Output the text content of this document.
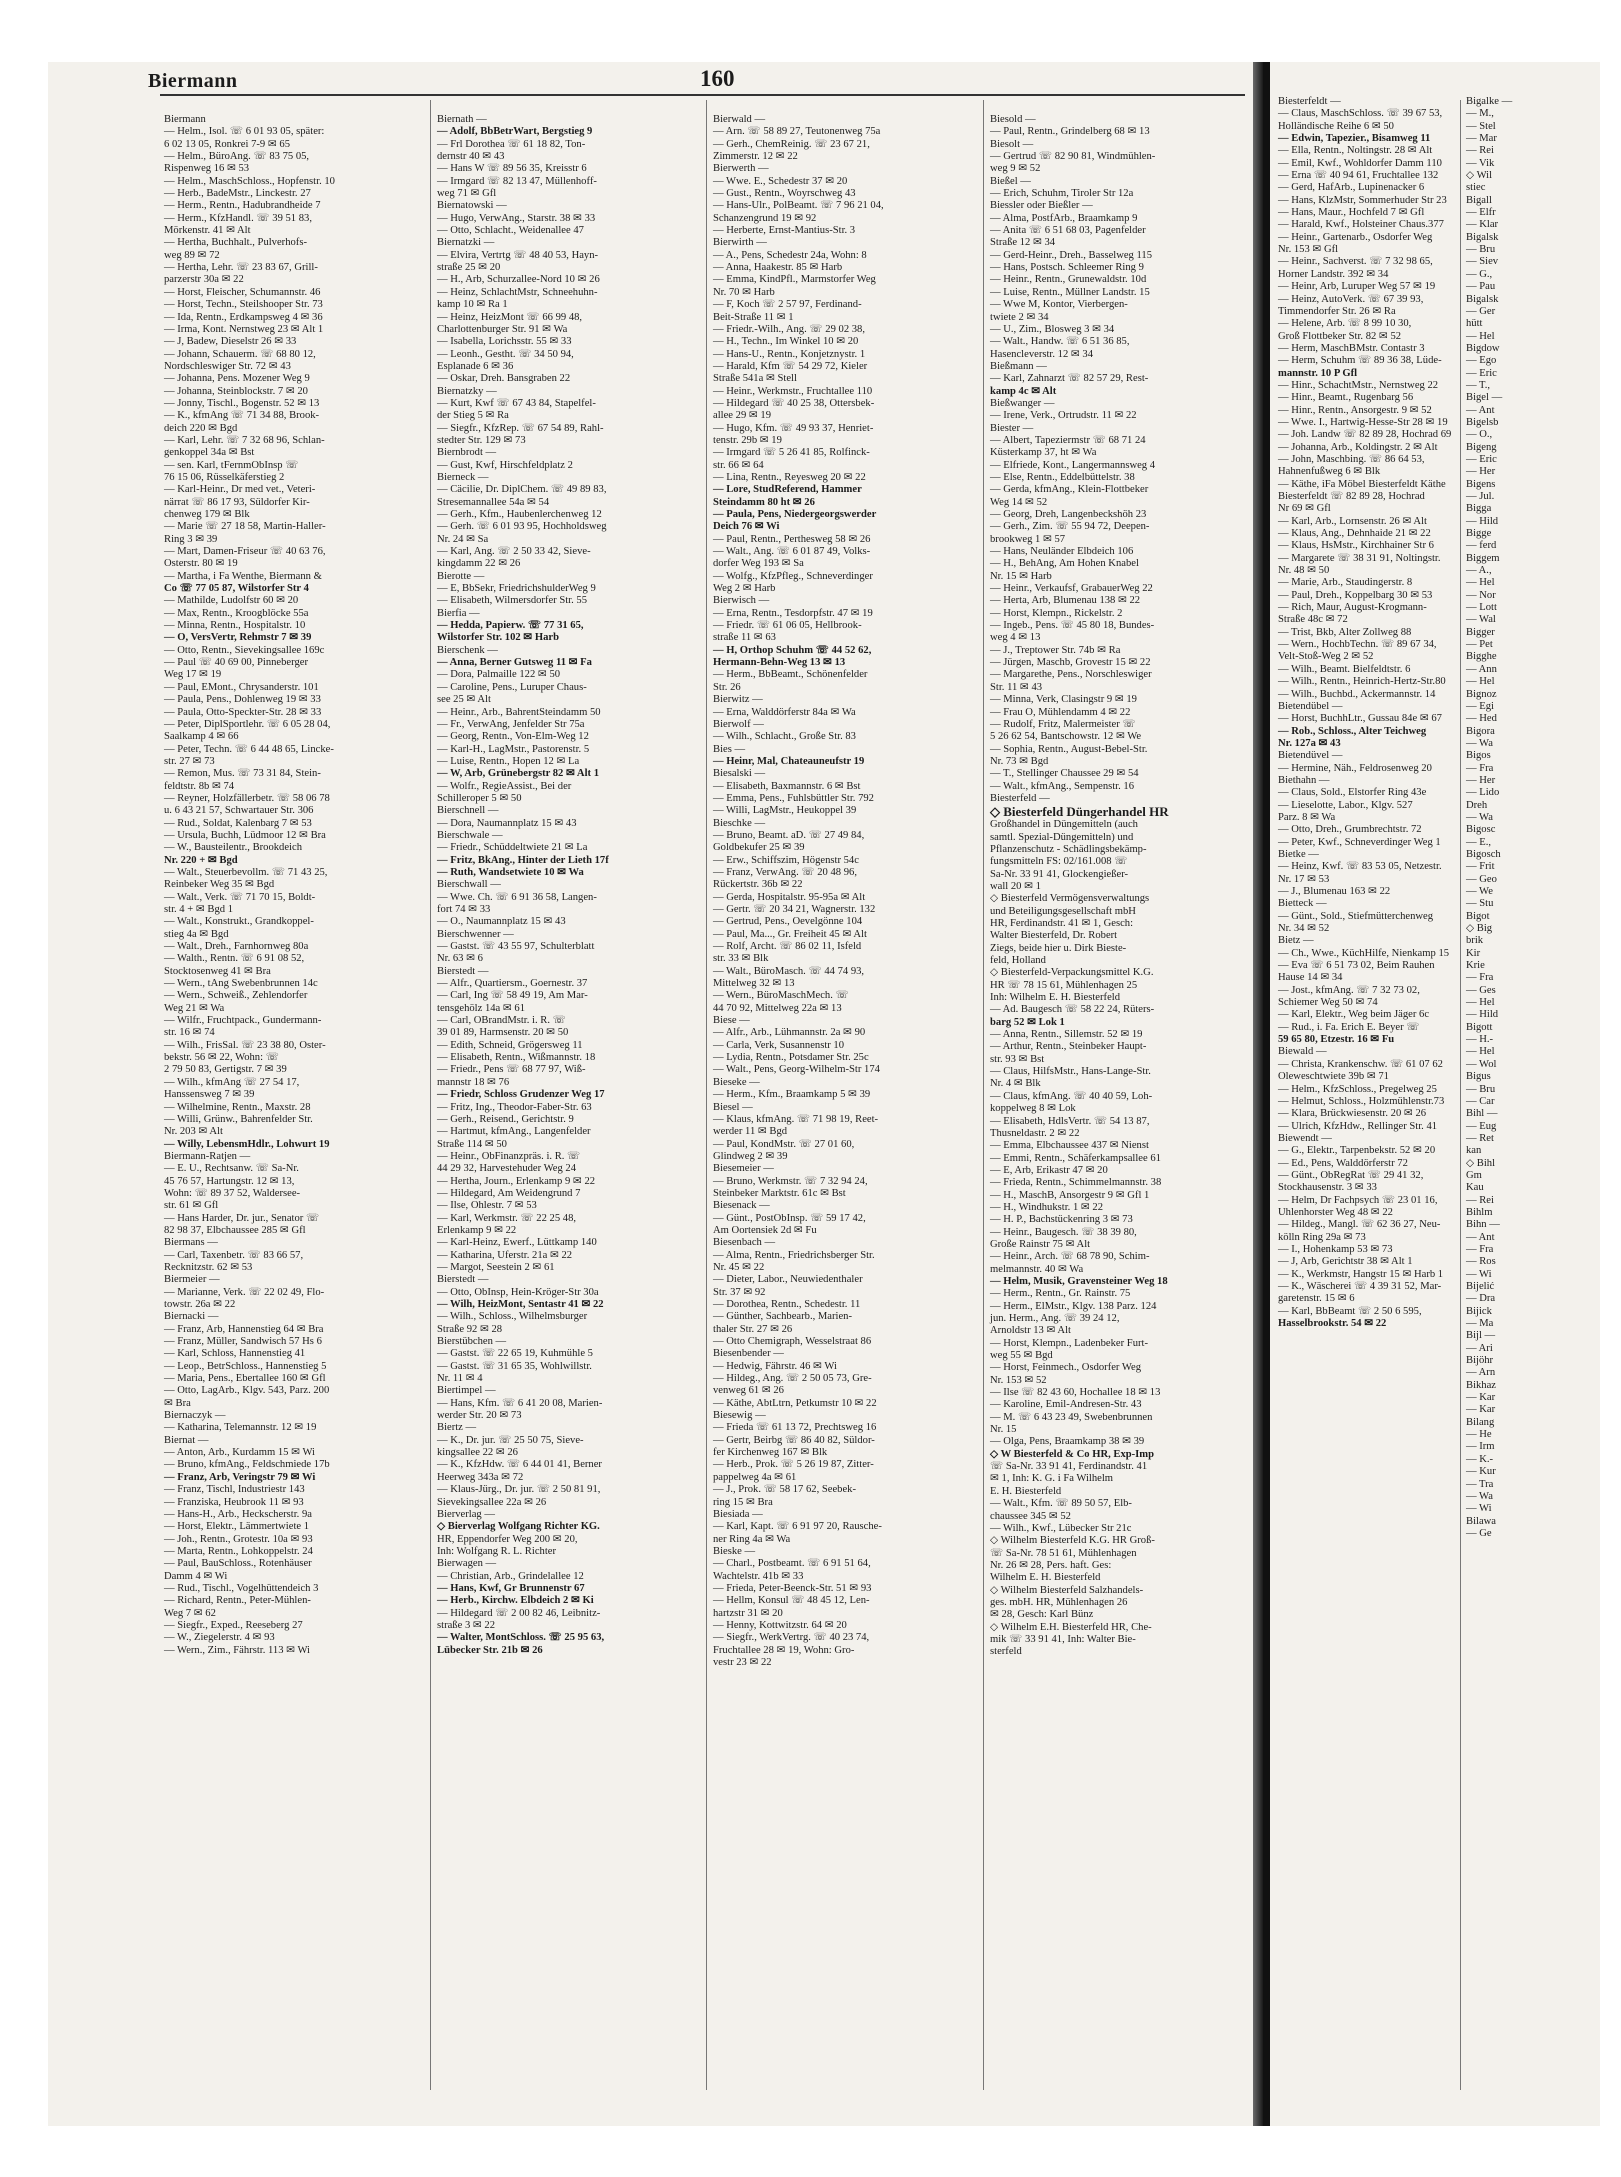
Biermann	160
Biermann
— Helm., Isol. ☏ 6 01 93 05, später:
6 02 13 05, Ronkrei 7-9 ✉ 65
— Helm., BüroAng. ☏ 83 75 05,
Rispenweg 16 ✉ 53
— Helm., MaschSchloss., Hopfenstr. 10
— Herb., BadeMstr., Linckestr. 27
— Herm., Rentn., Hadubrandheide 7
— Herm., KfzHandl. ☏ 39 51 83,
Mörkenstr. 41 ✉ Alt
— Hertha, Buchhalt., Pulverhofs-
weg 89 ✉ 72
— Hertha, Lehr. ☏ 23 83 67, Grill-
parzerstr 30a ✉ 22
— Horst, Fleischer, Schumannstr. 46
— Horst, Techn., Steilshooper Str. 73
— Ida, Rentn., Erdkampsweg 4 ✉ 36
— Irma, Kont. Nernstweg 23 ✉ Alt 1
— J, Badew, Dieselstr 26 ✉ 33
— Johann, Schauerm. ☏ 68 80 12,
Nordschleswiger Str. 72 ✉ 43
— Johanna, Pens. Mozener Weg 9
— Johanna, Steinblockstr. 7 ✉ 20
— Jonny, Tischl., Bogenstr. 52 ✉ 13
— K., kfmAng ☏ 71 34 88, Brook-
deich 220 ✉ Bgd
— Karl, Lehr. ☏ 7 32 68 96, Schlan-
genkoppel 34a ✉ Bst
— sen. Karl, tFernmObInsp ☏
76 15 06, Rüsselkäferstieg 2
— Karl-Heinr., Dr med vet., Veteri-
närrat ☏ 86 17 93, Süldorfer Kir-
chenweg 179 ✉ Blk
— Marie ☏ 27 18 58, Martin-Haller-
Ring 3 ✉ 39
— Mart, Damen-Friseur ☏ 40 63 76,
Osterstr. 80 ✉ 19
— Martha, i Fa Wenthe, Biermann &
Co ☏ 77 05 87, Wilstorfer Str 4
— Mathilde, Ludolfstr 60 ✉ 20
— Max, Rentn., Kroogblöcke 55a
— Minna, Rentn., Hospitalstr. 10
— O, VersVertr, Rehmstr 7 ✉ 39
— Otto, Rentn., Sievekingsallee 169c
— Paul ☏ 40 69 00, Pinneberger
Weg 17 ✉ 19
— Paul, EMont., Chrysanderstr. 101
— Paula, Pens., Dohlenweg 19 ✉ 33
— Paula, Otto-Speckter-Str. 28 ✉ 33
— Peter, DiplSportlehr. ☏ 6 05 28 04,
Saalkamp 4 ✉ 66
— Peter, Techn. ☏ 6 44 48 65, Lincke-
str. 27 ✉ 73
— Remon, Mus. ☏ 73 31 84, Stein-
feldtstr. 8b ✉ 74
— Reyner, Holzfällerbetr. ☏ 58 06 78
u. 6 43 21 57, Schwartauer Str. 306
— Rud., Soldat, Kalenbarg 7 ✉ 53
— Ursula, Buchh, Lüdmoor 12 ✉ Bra
— W., Bausteilentr., Brookdeich
Nr. 220 + ✉ Bgd
— Walt., Steuerbevollm. ☏ 71 43 25,
Reinbeker Weg 35 ✉ Bgd
— Walt., Verk. ☏ 71 70 15, Boldt-
str. 4 + ✉ Bgd 1
— Walt., Konstrukt., Grandkoppel-
stieg 4a ✉ Bgd
— Walt., Dreh., Farnhornweg 80a
— Walth., Rentn. ☏ 6 91 08 52,
Stocktosenweg 41 ✉ Bra
— Wern., tAng Swebenbrunnen 14c
— Wern., Schweiß., Zehlendorfer
Weg 21 ✉ Wa
— Wilfr., Fruchtpack., Gundermann-
str. 16 ✉ 74
— Wilh., FrisSal. ☏ 23 38 80, Oster-
bekstr. 56 ✉ 22, Wohn: ☏
2 79 50 83, Gertigstr. 7 ✉ 39
— Wilh., kfmAng ☏ 27 54 17,
Hanssensweg 7 ✉ 39
— Wilhelmine, Rentn., Maxstr. 28
— Willi, Grünw., Bahrenfelder Str.
Nr. 203 ✉ Alt
— Willy, LebensmHdlr., Lohwurt 19
Biermann-Ratjen —
— E. U., Rechtsanw. ☏ Sa-Nr.
45 76 57, Hartungstr. 12 ✉ 13,
Wohn: ☏ 89 37 52, Waldersee-
str. 61 ✉ Gfl
— Hans Harder, Dr. jur., Senator ☏
82 98 37, Elbchaussee 285 ✉ Gfl
Biermans —
— Carl, Taxenbetr. ☏ 83 66 57,
Recknitzstr. 62 ✉ 53
Biermeier —
— Marianne, Verk. ☏ 22 02 49, Flo-
towstr. 26a ✉ 22
Biernacki —
— Franz, Arb, Hannenstieg 64 ✉ Bra
— Franz, Müller, Sandwisch 57 Hs 6
— Karl, Schloss, Hannenstieg 41
— Leop., BetrSchloss., Hannenstieg 5
— Maria, Pens., Ebertallee 160 ✉ Gfl
— Otto, LagArb., Klgv. 543, Parz. 200
✉ Bra
Biernaczyk —
— Katharina, Telemannstr. 12 ✉ 19
Biernat —
— Anton, Arb., Kurdamm 15 ✉ Wi
— Bruno, kfmAng., Feldschmiede 17b
— Franz, Arb, Veringstr 79 ✉ Wi
— Franz, Tischl, Industriestr 143
— Franziska, Heubrook 11 ✉ 93
— Hans-H., Arb., Heckscherstr. 9a
— Horst, Elektr., Lämmertwiete 1
— Joh., Rentn., Grotestr. 10a ✉ 93
— Marta, Rentn., Lohkoppelstr. 24
— Paul, BauSchloss., Rotenhäuser
Damm 4 ✉ Wi
— Rud., Tischl., Vogelhüttendeich 3
— Richard, Rentn., Peter-Mühlen-
Weg 7 ✉ 62
— Siegfr., Exped., Reeseberg 27
— W., Ziegelerstr. 4 ✉ 93
— Wern., Zim., Fährstr. 113 ✉ Wi
Biernath —
— Adolf, BbBetrWart, Bergstieg 9
— Frl Dorothea ☏ 61 18 82, Ton-
dernstr 40 ✉ 43
— Hans W ☏ 89 56 35, Kreisstr 6
— Irmgard ☏ 82 13 47, Müllenhoff-
weg 71 ✉ Gfl
Biernatowski —
— Hugo, VerwAng., Starstr. 38 ✉ 33
— Otto, Schlacht., Weidenallee 47
Biernatzki —
— Elvira, Vertrtg ☏ 48 40 53, Hayn-
straße 25 ✉ 20
— H., Arb, Schurzallee-Nord 10 ✉ 26
— Heinz, SchlachtMstr, Schneehuhn-
kamp 10 ✉ Ra 1
— Heinz, HeizMont ☏ 66 99 48,
Charlottenburger Str. 91 ✉ Wa
— Isabella, Lorichsstr. 55 ✉ 33
— Leonh., Gestht. ☏ 34 50 94,
Esplanade 6 ✉ 36
— Oskar, Dreh. Bansgraben 22
Biernatzky —
— Kurt, Kwf ☏ 67 43 84, Stapelfel-
der Stieg 5 ✉ Ra
— Siegfr., KfzRep. ☏ 67 54 89, Rahl-
stedter Str. 129 ✉ 73
Biernbrodt —
— Gust, Kwf, Hirschfeldplatz 2
Bierneck —
— Cäcilie, Dr. DiplChem. ☏ 49 89 83,
Stresemannallee 54a ✉ 54
— Gerh., Kfm., Haubenlerchenweg 12
— Gerh. ☏ 6 01 93 95, Hochholdsweg
Nr. 24 ✉ Sa
— Karl, Ang. ☏ 2 50 33 42, Sieve-
kingdamm 22 ✉ 26
Bierotte —
— E, BbSekr, FriedrichshulderWeg 9
— Elisabeth, Wilmersdorfer Str. 55
Bierfia —
— Hedda, Papierw. ☏ 77 31 65,
Wilstorfer Str. 102 ✉ Harb
Bierschenk —
— Anna, Berner Gutsweg 11 ✉ Fa
— Dora, Palmaille 122 ✉ 50
— Caroline, Pens., Luruper Chaus-
see 25 ✉ Alt
— Heinr., Arb., BahrentSteindamm 50
— Fr., VerwAng, Jenfelder Str 75a
— Georg, Rentn., Von-Elm-Weg 12
— Karl-H., LagMstr., Pastorenstr. 5
— Luise, Rentn., Hopen 12 ✉ La
— W, Arb, Grünebergstr 82 ✉ Alt 1
— Wolfr., RegieAssist., Bei der
Schilleroper 5 ✉ 50
Bierschnell —
— Dora, Naumannplatz 15 ✉ 43
Bierschwale —
— Friedr., Schüddeltwiete 21 ✉ La
— Fritz, BkAng., Hinter der Lieth 17f
— Ruth, Wandsetwiete 10 ✉ Wa
Bierschwall —
— Wwe. Ch. ☏ 6 91 36 58, Langen-
fort 74 ✉ 33
— O., Naumannplatz 15 ✉ 43
Bierschwenner —
— Gastst. ☏ 43 55 97, Schulterblatt
Nr. 63 ✉ 6
Bierstedt —
— Alfr., Quartiersm., Goernestr. 37
— Carl, Ing ☏ 58 49 19, Am Mar-
tensgehölz 14a ✉ 61
— Carl, OBrandMstr. i. R. ☏
39 01 89, Harmsenstr. 20 ✉ 50
— Edith, Schneid, Grögersweg 11
— Elisabeth, Rentn., Wißmannstr. 18
— Friedr., Pens ☏ 68 77 97, Wiß-
mannstr 18 ✉ 76
— Friedr, Schloss Grudenzer Weg 17
— Fritz, Ing., Theodor-Faber-Str. 63
— Gerh., Reisend., Gerichtstr. 9
— Hartmut, kfmAng., Langenfelder
Straße 114 ✉ 50
— Heinr., ObFinanzpräs. i. R. ☏
44 29 32, Harvestehuder Weg 24
— Hertha, Journ., Erlenkamp 9 ✉ 22
— Hildegard, Am Weidengrund 7
— Ilse, Ohlestr. 7 ✉ 53
— Karl, Werkmstr. ☏ 22 25 48,
Erlenkamp 9 ✉ 22
— Karl-Heinz, Ewerf., Lüttkamp 140
— Katharina, Uferstr. 21a ✉ 22
— Margot, Seestein 2 ✉ 61
Bierstedt —
— Otto, ObInsp, Hein-Kröger-Str 30a
— Wilh, HeizMont, Sentastr 41 ✉ 22
— Wilh., Schloss., Wilhelmsburger
Straße 92 ✉ 28
Bierstübchen —
— Gastst. ☏ 22 65 19, Kuhmühle 5
— Gastst. ☏ 31 65 35, Wohlwillstr.
Nr. 11 ✉ 4
Biertimpel —
— Hans, Kfm. ☏ 6 41 20 08, Marien-
werder Str. 20 ✉ 73
Biertz —
— K., Dr. jur. ☏ 25 50 75, Sieve-
kingsallee 22 ✉ 26
— K., KfzHdw. ☏ 6 44 01 41, Berner
Heerweg 343a ✉ 72
— Klaus-Jürg., Dr. jur. ☏ 2 50 81 91,
Sievekingsallee 22a ✉ 26
Bierverlag —
◇ Bierverlag Wolfgang Richter KG.
HR, Eppendorfer Weg 200 ✉ 20,
Inh: Wolfgang R. L. Richter
Bierwagen —
— Christian, Arb., Grindelallee 12
— Hans, Kwf, Gr Brunnenstr 67
— Herb., Kirchw. Elbdeich 2 ✉ Ki
— Hildegard ☏ 2 00 82 46, Leibnitz-
straße 3 ✉ 22
— Walter, MontSchloss. ☏ 25 95 63,
Lübecker Str. 21b ✉ 26
Bierwald —
— Arn. ☏ 58 89 27, Teutonenweg 75a
— Gerh., ChemReinig. ☏ 23 67 21,
Zimmerstr. 12 ✉ 22
Bierwerth —
— Wwe. E., Schedestr 37 ✉ 20
— Gust., Rentn., Woyrschweg 43
— Hans-Ulr., PolBeamt. ☏ 7 96 21 04,
Schanzengrund 19 ✉ 92
— Herberte, Ernst-Mantius-Str. 3
Bierwirth —
— A., Pens, Schedestr 24a, Wohn: 8
— Anna, Haakestr. 85 ✉ Harb
— Emma, KindPfl., Marmstorfer Weg
Nr. 70 ✉ Harb
— F, Koch ☏ 2 57 97, Ferdinand-
Beit-Straße 11 ✉ 1
— Friedr.-Wilh., Ang. ☏ 29 02 38,
— H., Techn., Im Winkel 10 ✉ 20
— Hans-U., Rentn., Konjetznystr. 1
— Harald, Kfm ☏ 54 29 72, Kieler
Straße 541a ✉ Stell
— Heinr., Werkmstr., Fruchtallee 110
— Hildegard ☏ 40 25 38, Ottersbek-
allee 29 ✉ 19
— Hugo, Kfm. ☏ 49 93 37, Henriet-
tenstr. 29b ✉ 19
— Irmgard ☏ 5 26 41 85, Rolfinck-
str. 66 ✉ 64
— Lina, Rentn., Reyesweg 20 ✉ 22
— Lore, StudReferend, Hammer
Steindamm 80 ht ✉ 26
— Paula, Pens, Niedergeorgswerder
Deich 76 ✉ Wi
— Paul, Rentn., Perthesweg 58 ✉ 26
— Walt., Ang. ☏ 6 01 87 49, Volks-
dorfer Weg 193 ✉ Sa
— Wolfg., KfzPfleg., Schneverdinger
Weg 2 ✉ Harb
Bierwisch —
— Erna, Rentn., Tesdorpfstr. 47 ✉ 19
— Friedr. ☏ 61 06 05, Hellbrook-
straße 11 ✉ 63
— H, Orthop Schuhm ☏ 44 52 62,
Hermann-Behn-Weg 13 ✉ 13
— Herm., BbBeamt., Schönenfelder
Str. 26
Bierwitz —
— Erna, Walddörferstr 84a ✉ Wa
Bierwolf —
— Wilh., Schlacht., Große Str. 83
Bies —
— Heinr, Mal, Chateauneufstr 19
Biesalski —
— Elisabeth, Baxmannstr. 6 ✉ Bst
— Emma, Pens., Fuhlsbüttler Str. 792
— Willi, LagMstr., Heukoppel 39
Bieschke —
— Bruno, Beamt. aD. ☏ 27 49 84,
Goldbekufer 25 ✉ 39
— Erw., Schiffszim, Högenstr 54c
— Franz, VerwAng. ☏ 20 48 96,
Rückertstr. 36b ✉ 22
— Gerda, Hospitalstr. 95-95a ✉ Alt
— Gertr. ☏ 20 34 21, Wagnerstr. 132
— Gertrud, Pens., Oevelgönne 104
— Paul, Ma..., Gr. Freiheit 45 ✉ Alt
— Rolf, Archt. ☏ 86 02 11, Isfeld
str. 33 ✉ Blk
— Walt., BüroMasch. ☏ 44 74 93,
Mittelweg 32 ✉ 13
— Wern., BüroMaschMech. ☏
44 70 92, Mittelweg 22a ✉ 13
Biese —
— Alfr., Arb., Lühmannstr. 2a ✉ 90
— Carla, Verk, Susannenstr 10
— Lydia, Rentn., Potsdamer Str. 25c
— Walt., Pens, Georg-Wilhelm-Str 174
Bieseke —
— Herm., Kfm., Braamkamp 5 ✉ 39
Biesel —
— Klaus, kfmAng. ☏ 71 98 19, Reet-
werder 11 ✉ Bgd
— Paul, KondMstr. ☏ 27 01 60,
Glindweg 2 ✉ 39
Biesemeier —
— Bruno, Werkmstr. ☏ 7 32 94 24,
Steinbeker Marktstr. 61c ✉ Bst
Biesenack —
— Günt., PostObInsp. ☏ 59 17 42,
Am Oortensiek 2d ✉ Fu
Biesenbach —
— Alma, Rentn., Friedrichsberger Str.
Nr. 45 ✉ 22
— Dieter, Labor., Neuwiedenthaler
Str. 37 ✉ 92
— Dorothea, Rentn., Schedestr. 11
— Günther, Sachbearb., Marien-
thaler Str. 27 ✉ 26
— Otto Chemigraph, Wesselstraat 86
Biesenbender —
— Hedwig, Fährstr. 46 ✉ Wi
— Hildeg., Ang. ☏ 2 50 05 73, Gre-
venweg 61 ✉ 26
— Käthe, AbtLtrn, Petkumstr 10 ✉ 22
Biesewig —
— Frieda ☏ 61 13 72, Prechtsweg 16
— Gertr, Beirbg ☏ 86 40 82, Süldor-
fer Kirchenweg 167 ✉ Blk
— Herb., Prok. ☏ 5 26 19 87, Zitter-
pappelweg 4a ✉ 61
— J., Prok. ☏ 58 17 62, Seebek-
ring 15 ✉ Bra
Biesiada —
— Karl, Kapt. ☏ 6 91 97 20, Rausche-
ner Ring 4a ✉ Wa
Bieske —
— Charl., Postbeamt. ☏ 6 91 51 64,
Wachtelstr. 41b ✉ 33
— Frieda, Peter-Beenck-Str. 51 ✉ 93
— Hellm, Konsul ☏ 48 45 12, Len-
hartzstr 31 ✉ 20
— Henny, Kottwitzstr. 64 ✉ 20
— Siegfr., WerkVertrg. ☏ 40 23 74,
Fruchtallee 28 ✉ 19, Wohn: Gro-
vestr 23 ✉ 22
Biesold —
— Paul, Rentn., Grindelberg 68 ✉ 13
Biesolt —
— Gertrud ☏ 82 90 81, Windmühlen-
weg 9 ✉ 52
Bießel —
— Erich, Schuhm, Tiroler Str 12a
Biessler oder Bießler —
— Alma, PostfArb., Braamkamp 9
— Anita ☏ 6 51 68 03, Pagenfelder
Straße 12 ✉ 34
— Gerd-Heinr., Dreh., Basselweg 115
— Hans, Postsch. Schleemer Ring 9
— Heinr., Rentn., Grunewaldstr. 10d
— Luise, Rentn., Müllner Landstr. 15
— Wwe M, Kontor, Vierbergen-
twiete 2 ✉ 34
— U., Zim., Blosweg 3 ✉ 34
— Walt., Handw. ☏ 6 51 36 85,
Hasencleverstr. 12 ✉ 34
Bießmann —
— Karl, Zahnarzt ☏ 82 57 29, Rest-
kamp 4c ✉ Alt
Bießwanger —
— Irene, Verk., Ortrudstr. 11 ✉ 22
Biester —
— Albert, Tapeziermstr ☏ 68 71 24
Küsterkamp 37, ht ✉ Wa
— Elfriede, Kont., Langermannsweg 4
— Else, Rentn., Eddelbüttelstr. 38
— Gerda, kfmAng., Klein-Flottbeker
Weg 14 ✉ 52
— Georg, Dreh, Langenbeckshöh 23
— Gerh., Zim. ☏ 55 94 72, Deepen-
brookweg 1 ✉ 57
— Hans, Neuländer Elbdeich 106
— H., BehAng, Am Hohen Knabel
Nr. 15 ✉ Harb
— Heinr., Verkaufsf, GrabauerWeg 22
— Herta, Arb, Blumenau 138 ✉ 22
— Horst, Klempn., Rickelstr. 2
— Ingeb., Pens. ☏ 45 80 18, Bundes-
weg 4 ✉ 13
— J., Treptower Str. 74b ✉ Ra
— Jürgen, Maschb, Grovestr 15 ✉ 22
— Margarethe, Pens., Norschleswiger
Str. 11 ✉ 43
— Minna, Verk, Clasingstr 9 ✉ 19
— Frau O, Mühlendamm 4 ✉ 22
— Rudolf, Fritz, Malermeister ☏
5 26 62 54, Bantschowstr. 12 ✉ We
— Sophia, Rentn., August-Bebel-Str.
Nr. 73 ✉ Bgd
— T., Stellinger Chaussee 29 ✉ 54
— Walt., kfmAng., Sempenstr. 16
Biesterfeld —
◇ Biesterfeld Düngerhandel HR
Großhandel in Düngemitteln (auch
samtl. Spezial-Düngemitteln) und
Pflanzenschutz - Schädlingsbekämp-
fungsmitteln FS: 02/161.008 ☏
Sa-Nr. 33 91 41, Glockengießer-
wall 20 ✉ 1
◇ Biesterfeld Vermögensverwaltungs
und Beteiligungsgesellschaft mbH
HR, Ferdinandstr. 41 ✉ 1, Gesch:
Walter Biesterfeld, Dr. Robert
Ziegs, beide hier u. Dirk Bieste-
feld, Holland
◇ Biesterfeld-Verpackungsmittel K.G.
HR ☏ 78 15 61, Mühlenhagen 25
Inh: Wilhelm E. H. Biesterfeld
— Ad. Baugesch ☏ 58 22 24, Rüters-
barg 52 ✉ Lok 1
— Anna, Rentn., Sillemstr. 52 ✉ 19
— Arthur, Rentn., Steinbeker Haupt-
str. 93 ✉ Bst
— Claus, HilfsMstr., Hans-Lange-Str.
Nr. 4 ✉ Blk
— Claus, kfmAng. ☏ 40 40 59, Loh-
koppelweg 8 ✉ Lok
— Elisabeth, HdlsVertr. ☏ 54 13 87,
Thusneldastr. 2 ✉ 22
— Emma, Elbchaussee 437 ✉ Nienst
— Emmi, Rentn., Schäferkampsallee 61
— E, Arb, Erikastr 47 ✉ 20
— Frieda, Rentn., Schimmelmannstr. 38
— H., MaschB, Ansorgestr 9 ✉ Gfl 1
— H., Windhukstr. 1 ✉ 22
— H. P., Bachstückenring 3 ✉ 73
— Heinr., Baugesch. ☏ 38 39 80,
Große Rainstr 75 ✉ Alt
— Heinr., Arch. ☏ 68 78 90, Schim-
melmannstr. 40 ✉ Wa
— Helm, Musik, Gravensteiner Weg 18
— Herm., Rentn., Gr. Rainstr. 75
— Herm., ElMstr., Klgv. 138 Parz. 124
jun. Herm., Ang. ☏ 39 24 12,
Arnoldstr 13 ✉ Alt
— Horst, Klempn., Ladenbeker Furt-
weg 55 ✉ Bgd
— Horst, Feinmech., Osdorfer Weg
Nr. 153 ✉ 52
— Ilse ☏ 82 43 60, Hochallee 18 ✉ 13
— Karoline, Emil-Andresen-Str. 43
— M. ☏ 6 43 23 49, Swebenbrunnen
Nr. 15
— Olga, Pens, Braamkamp 38 ✉ 39
◇ W Biesterfeld & Co HR, Exp-Imp
☏ Sa-Nr. 33 91 41, Ferdinandstr. 41
✉ 1, Inh: K. G. i Fa Wilhelm
E. H. Biesterfeld
— Walt., Kfm. ☏ 89 50 57, Elb-
chaussee 345 ✉ 52
— Wilh., Kwf., Lübecker Str 21c
◇ Wilhelm Biesterfeld K.G. HR Groß-
☏ Sa-Nr. 78 51 61, Mühlenhagen
Nr. 26 ✉ 28, Pers. haft. Ges:
Wilhelm E. H. Biesterfeld
◇ Wilhelm Biesterfeld Salzhandels-
ges. mbH. HR, Mühlenhagen 26
✉ 28, Gesch: Karl Bünz
◇ Wilhelm E.H. Biesterfeld HR, Che-
mik ☏ 33 91 41, Inh: Walter Bie-
sterfeld
Biesterfeldt —
— Claus, MaschSchloss. ☏ 39 67 53,
Holländische Reihe 6 ✉ 50
— Edwin, Tapezier., Bisamweg 11
— Ella, Rentn., Noltingstr. 28 ✉ Alt
— Emil, Kwf., Wohldorfer Damm 110
— Erna ☏ 40 94 61, Fruchtallee 132
— Gerd, HafArb., Lupinenacker 6
— Hans, KlzMstr, Sommerhuder Str 23
— Hans, Maur., Hochfeld 7 ✉ Gfl
— Harald, Kwf., Holsteiner Chaus.377
— Heinr., Gartenarb., Osdorfer Weg
Nr. 153 ✉ Gfl
— Heinr., Sachverst. ☏ 7 32 98 65,
Horner Landstr. 392 ✉ 34
— Heinr, Arb, Luruper Weg 57 ✉ 19
— Heinz, AutoVerk. ☏ 67 39 93,
Timmendorfer Str. 26 ✉ Ra
— Helene, Arb. ☏ 8 99 10 30,
Groß Flottbeker Str. 82 ✉ 52
— Herm, MaschBMstr. Contastr 3
— Herm, Schuhm ☏ 89 36 38, Lüde-
mannstr. 10 P Gfl
— Hinr., SchachtMstr., Nernstweg 22
— Hinr., Beamt., Rugenbarg 56
— Hinr., Rentn., Ansorgestr. 9 ✉ 52
— Wwe. I., Hartwig-Hesse-Str 28 ✉ 19
— Joh. Landw ☏ 82 89 28, Hochrad 69
— Johanna, Arb., Koldingstr. 2 ✉ Alt
— John, Maschbing. ☏ 86 64 53,
Hahnenfußweg 6 ✉ Blk
— Käthe, iFa Möbel Biesterfeldt Käthe
Biesterfeldt ☏ 82 89 28, Hochrad
Nr 69 ✉ Gfl
— Karl, Arb., Lornsenstr. 26 ✉ Alt
— Klaus, Ang., Dehnhaide 21 ✉ 22
— Klaus, HsMstr., Kirchhainer Str 6
— Margarete ☏ 38 31 91, Noltingstr.
Nr. 48 ✉ 50
— Marie, Arb., Staudingerstr. 8
— Paul, Dreh., Koppelbarg 30 ✉ 53
— Rich, Maur, August-Krogmann-
Straße 48c ✉ 72
— Trist, Bkb, Alter Zollweg 88
— Wern., HochbTechn. ☏ 89 67 34,
Velt-Stoß-Weg 2 ✉ 52
— Wilh., Beamt. Bielfeldtstr. 6
— Wilh., Rentn., Heinrich-Hertz-Str.80
— Wilh., Buchbd., Ackermannstr. 14
Bietendübel —
— Horst, BuchhLtr., Gussau 84e ✉ 67
— Rob., Schloss., Alter Teichweg
Nr. 127a ✉ 43
Bietendüvel —
— Hermine, Näh., Feldrosenweg 20
Biethahn —
— Claus, Sold., Elstorfer Ring 43e
— Lieselotte, Labor., Klgv. 527
Parz. 8 ✉ Wa
— Otto, Dreh., Grumbrechtstr. 72
— Peter, Kwf., Schneverdinger Weg 1
Bietke —
— Heinz, Kwf. ☏ 83 53 05, Netzestr.
Nr. 17 ✉ 53
— J., Blumenau 163 ✉ 22
Bietteck —
— Günt., Sold., Stiefmütterchenweg
Nr. 34 ✉ 52
Bietz —
— Ch., Wwe., KüchHilfe, Nienkamp 15
— Eva ☏ 6 51 73 02, Beim Rauhen
Hause 14 ✉ 34
— Jost., kfmAng. ☏ 7 32 73 02,
Schiemer Weg 50 ✉ 74
— Karl, Elektr., Weg beim Jäger 6c
— Rud., i. Fa. Erich E. Beyer ☏
59 65 80, Etzestr. 16 ✉ Fu
Biewald —
— Christa, Krankenschw. ☏ 61 07 62
Oleweschtwiete 39b ✉ 71
— Helm., KfzSchloss., Pregelweg 25
— Helmut, Schloss., Holzmühlenstr.73
— Klara, Brückwiesenstr. 20 ✉ 26
— Ulrich, KfzHdw., Rellinger Str. 41
Biewendt —
— G., Elektr., Tarpenbekstr. 52 ✉ 20
— Ed., Pens, Walddörferstr 72
— Günt., ObRegRat ☏ 29 41 32,
Stockhausenstr. 3 ✉ 33
— Helm, Dr Fachpsych ☏ 23 01 16,
Uhlenhorster Weg 48 ✉ 22
— Hildeg., Mangl. ☏ 62 36 27, Neu-
kölln Ring 29a ✉ 73
— I., Hohenkamp 53 ✉ 73
— J, Arb, Gerichtstr 38 ✉ Alt 1
— K., Werkmstr, Hangstr 15 ✉ Harb 1
— K., Wäscherei ☏ 4 39 31 52, Mar-
garetenstr. 15 ✉ 6
— Karl, BbBeamt ☏ 2 50 6 595,
Hasselbrookstr. 54 ✉ 22
Bigalke —
— M.,
— Stel
— Mar
— Rei
— Vik
◇ Wil
stiec
Bigall
— Elfr
— Klar
Bigalsk
— Bru
— Siev
— G.,
— Pau
Bigalsk
— Ger
hütt
— Hel
Bigdow
— Ego
— Eric
— T.,
Bigel —
— Ant
Bigelsb
— O.,
Bigeng
— Eric
— Her
Bigens
— Jul.
Bigga
— Hild
Bigge
— ferd
Biggem
— A.,
— Hel
— Nor
— Lott
— Wal
Bigger
— Pet
Bigghe
— Ann
— Hel
Bignoz
— Egi
— Hed
Bigora
— Wa
Bigos
— Fra
— Her
— Lido
Dreh
— Wa
Bigosc
— E.,
Bigosch
— Frit
— Geo
— We
— Stu
Bigot
◇ Big
brik
Kir
Krie
— Fra
— Ges
— Hel
— Hild
Bigott
— H.-
— Hel
— Wol
Bigus
— Bru
— Car
Bihl —
— Eug
— Ret
kan
◇ Bihl
Gm
Kau
— Rei
Bihlm
Bihn —
— Ant
— Fra
— Ros
— Wi
Bijelić
— Dra
Bijick
— Ma
Bijl —
— Ari
Bijöhr
— Arn
Bikhaz
— Kar
— Kar
Bilang
— He
— Irm
— K.-
— Kur
— Tra
— Wa
— Wi
Bilawa
— Ge
